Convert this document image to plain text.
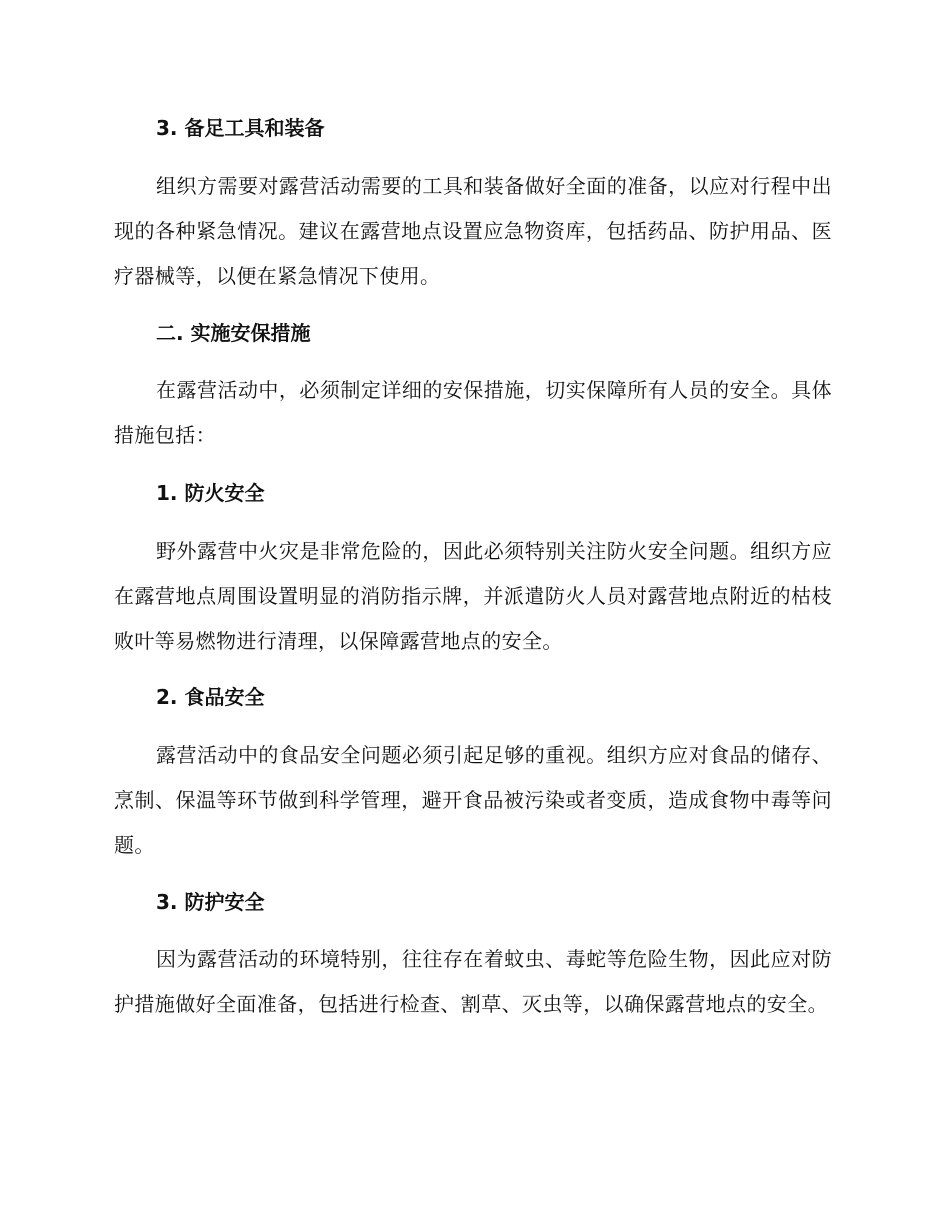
3. 备足工具和装备

组织方需要对露营活动需要的工具和装备做好全面的准备，以应对行程中出现的各种紧急情况。建议在露营地点设置应急物资库，包括药品、防护用品、医疗器械等，以便在紧急情况下使用。

二. 实施安保措施

在露营活动中，必须制定详细的安保措施，切实保障所有人员的安全。具体措施包括：

1. 防火安全

野外露营中火灾是非常危险的，因此必须特别关注防火安全问题。组织方应在露营地点周围设置明显的消防指示牌，并派遣防火人员对露营地点附近的枯枝败叶等易燃物进行清理，以保障露营地点的安全。

2. 食品安全

露营活动中的食品安全问题必须引起足够的重视。组织方应对食品的储存、烹制、保温等环节做到科学管理，避开食品被污染或者变质，造成食物中毒等问题。

3. 防护安全

因为露营活动的环境特别，往往存在着蚊虫、毒蛇等危险生物，因此应对防护措施做好全面准备，包括进行检查、割草、灭虫等，以确保露营地点的安全。
